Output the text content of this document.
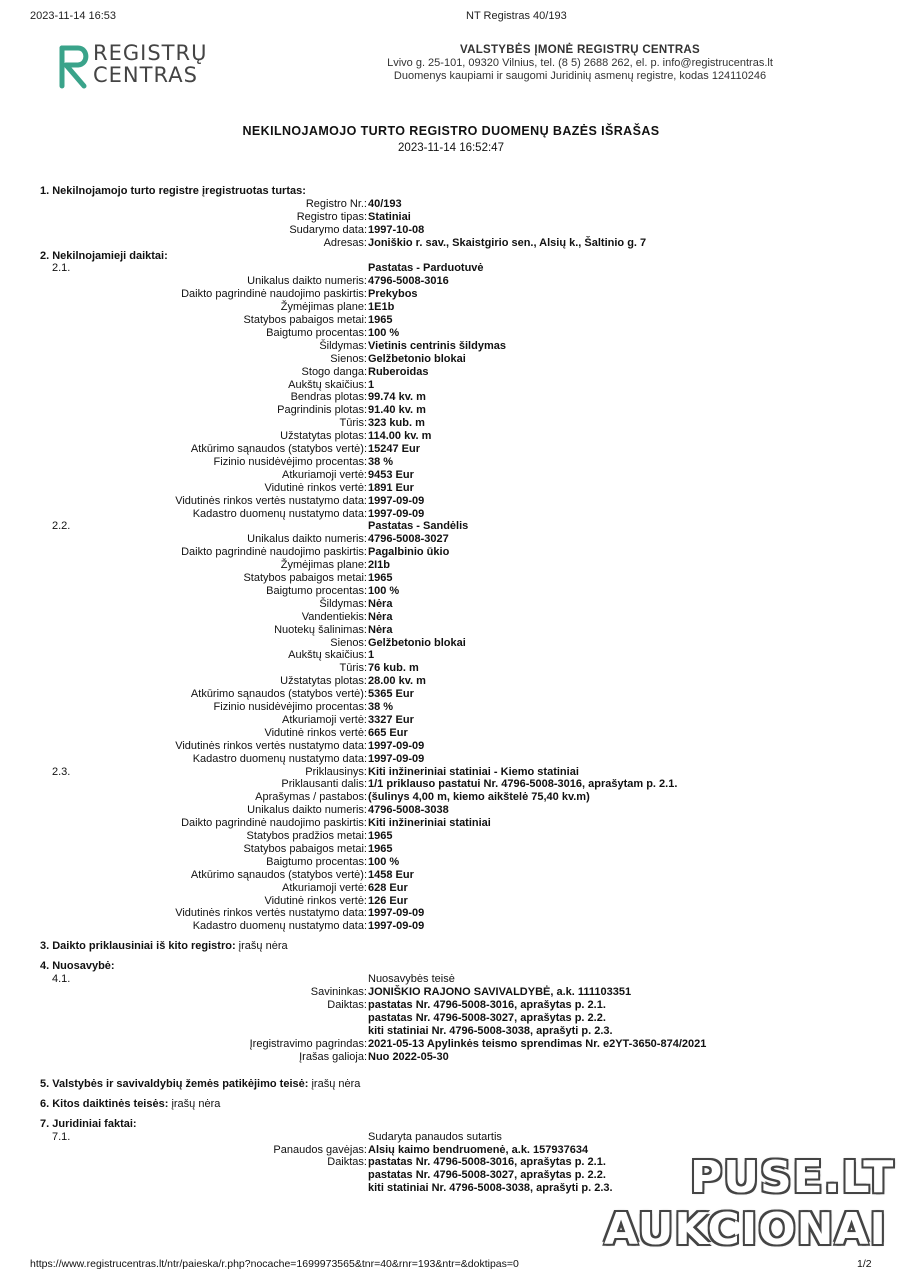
2023-11-14 16:53	NT Registras 40/193
REGISTRŲ
CENTRAS
VALSTYBĖS ĮMONĖ REGISTRŲ CENTRAS
Lvivo g. 25-101, 09320 Vilnius, tel. (8 5) 2688 262, el. p. info@registrucentras.lt
Duomenys kaupiami ir saugomi Juridinių asmenų registre, kodas 124110246
NEKILNOJAMOJO TURTO REGISTRO DUOMENŲ BAZĖS IŠRAŠAS
2023-11-14 16:52:47
1. Nekilnojamojo turto registre įregistruotas turtas:
Registro Nr.: 40/193
Registro tipas: Statiniai
Sudarymo data: 1997-10-08
Adresas: Joniškio r. sav., Skaistgirio sen., Alsių k., Šaltinio g. 7
2. Nekilnojamieji daiktai:
2.1.	Pastatas - Parduotuvė
Unikalus daikto numeris: 4796-5008-3016
Daikto pagrindinė naudojimo paskirtis: Prekybos
Žymėjimas plane: 1E1b
Statybos pabaigos metai: 1965
Baigtumo procentas: 100 %
Šildymas: Vietinis centrinis šildymas
Sienos: Gelžbetonio blokai
Stogo danga: Ruberoidas
Aukštų skaičius: 1
Bendras plotas: 99.74 kv. m
Pagrindinis plotas: 91.40 kv. m
Tūris: 323 kub. m
Užstatytas plotas: 114.00 kv. m
Atkūrimo sąnaudos (statybos vertė): 15247 Eur
Fizinio nusidėvėjimo procentas: 38 %
Atkuriamoji vertė: 9453 Eur
Vidutinė rinkos vertė: 1891 Eur
Vidutinės rinkos vertės nustatymo data: 1997-09-09
Kadastro duomenų nustatymo data: 1997-09-09
2.2.	Pastatas - Sandėlis
Unikalus daikto numeris: 4796-5008-3027
Daikto pagrindinė naudojimo paskirtis: Pagalbinio ūkio
Žymėjimas plane: 2I1b
Statybos pabaigos metai: 1965
Baigtumo procentas: 100 %
Šildymas: Nėra
Vandentiekis: Nėra
Nuotekų šalinimas: Nėra
Sienos: Gelžbetonio blokai
Aukštų skaičius: 1
Tūris: 76 kub. m
Užstatytas plotas: 28.00 kv. m
Atkūrimo sąnaudos (statybos vertė): 5365 Eur
Fizinio nusidėvėjimo procentas: 38 %
Atkuriamoji vertė: 3327 Eur
Vidutinė rinkos vertė: 665 Eur
Vidutinės rinkos vertės nustatymo data: 1997-09-09
Kadastro duomenų nustatymo data: 1997-09-09
2.3.	Priklausinys: Kiti inžineriniai statiniai - Kiemo statiniai
Priklausanti dalis: 1/1 priklauso pastatui Nr. 4796-5008-3016, aprašytam p. 2.1.
Aprašymas / pastabos: (šulinys 4,00 m, kiemo aikštelė 75,40 kv.m)
Unikalus daikto numeris: 4796-5008-3038
Daikto pagrindinė naudojimo paskirtis: Kiti inžineriniai statiniai
Statybos pradžios metai: 1965
Statybos pabaigos metai: 1965
Baigtumo procentas: 100 %
Atkūrimo sąnaudos (statybos vertė): 1458 Eur
Atkuriamoji vertė: 628 Eur
Vidutinė rinkos vertė: 126 Eur
Vidutinės rinkos vertės nustatymo data: 1997-09-09
Kadastro duomenų nustatymo data: 1997-09-09
3. Daikto priklausiniai iš kito registro: įrašų nėra
4. Nuosavybė:
4.1.	Nuosavybės teisė
Savininkas: JONIŠKIO RAJONO SAVIVALDYBĖ, a.k. 111103351
Daiktas: pastatas Nr. 4796-5008-3016, aprašytas p. 2.1.
pastatas Nr. 4796-5008-3027, aprašytas p. 2.2.
kiti statiniai Nr. 4796-5008-3038, aprašyti p. 2.3.
Įregistravimo pagrindas: 2021-05-13 Apylinkės teismo sprendimas Nr. e2YT-3650-874/2021
Įrašas galioja: Nuo 2022-05-30
5. Valstybės ir savivaldybių žemės patikėjimo teisė: įrašų nėra
6. Kitos daiktinės teisės: įrašų nėra
7. Juridiniai faktai:
7.1.	Sudaryta panaudos sutartis
Panaudos gavėjas: Alsių kaimo bendruomenė, a.k. 157937634
Daiktas: pastatas Nr. 4796-5008-3016, aprašytas p. 2.1.
pastatas Nr. 4796-5008-3027, aprašytas p. 2.2.
kiti statiniai Nr. 4796-5008-3038, aprašyti p. 2.3.
https://www.registrucentras.lt/ntr/paieska/r.php?nocache=1699973565&tnr=40&rnr=193&ntr=&doktipas=0	1/2
PUSE.LT
AUKCIONAI
